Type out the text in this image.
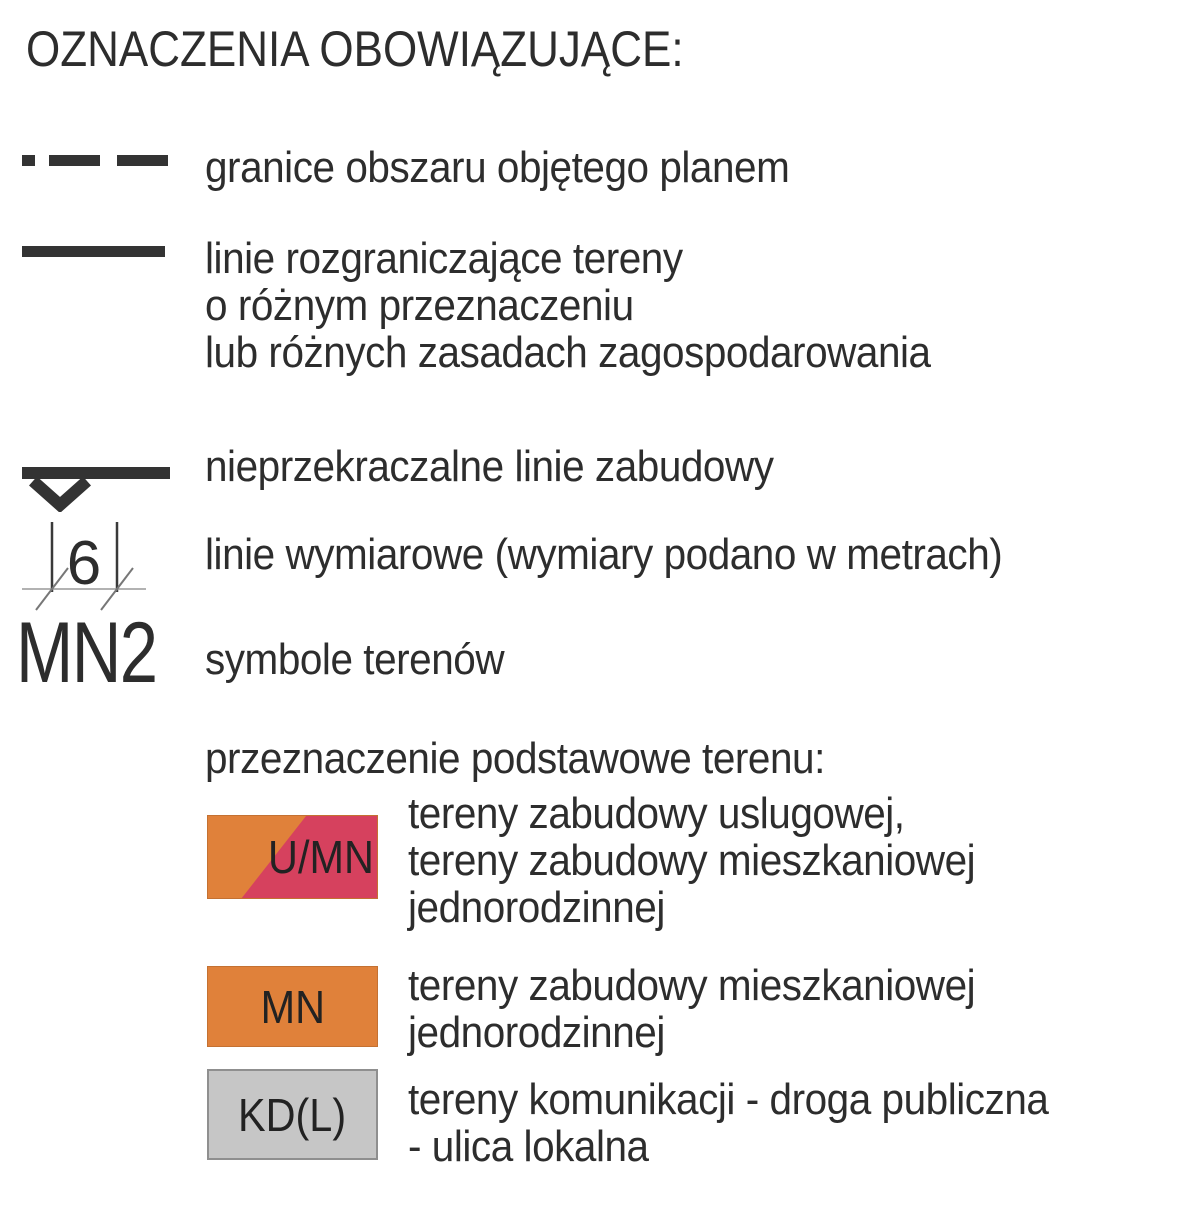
OZNACZENIA OBOWIĄZUJĄCE:
granice obszaru objętego planem
linie rozgraniczające tereny
o różnym przeznaczeniu
lub różnych zasadach zagospodarowania
nieprzekraczalne linie zabudowy
6 linie wymiarowe (wymiary podano w metrach)
MN2 symbole terenów
przeznaczenie podstawowe terenu:
U/MN
tereny zabudowy uslugowej,
tereny zabudowy mieszkaniowej
jednorodzinnej
MN tereny zabudowy mieszkaniowej
jednorodzinnej
KD(L) tereny komunikacji - droga publiczna
- ulica lokalna
